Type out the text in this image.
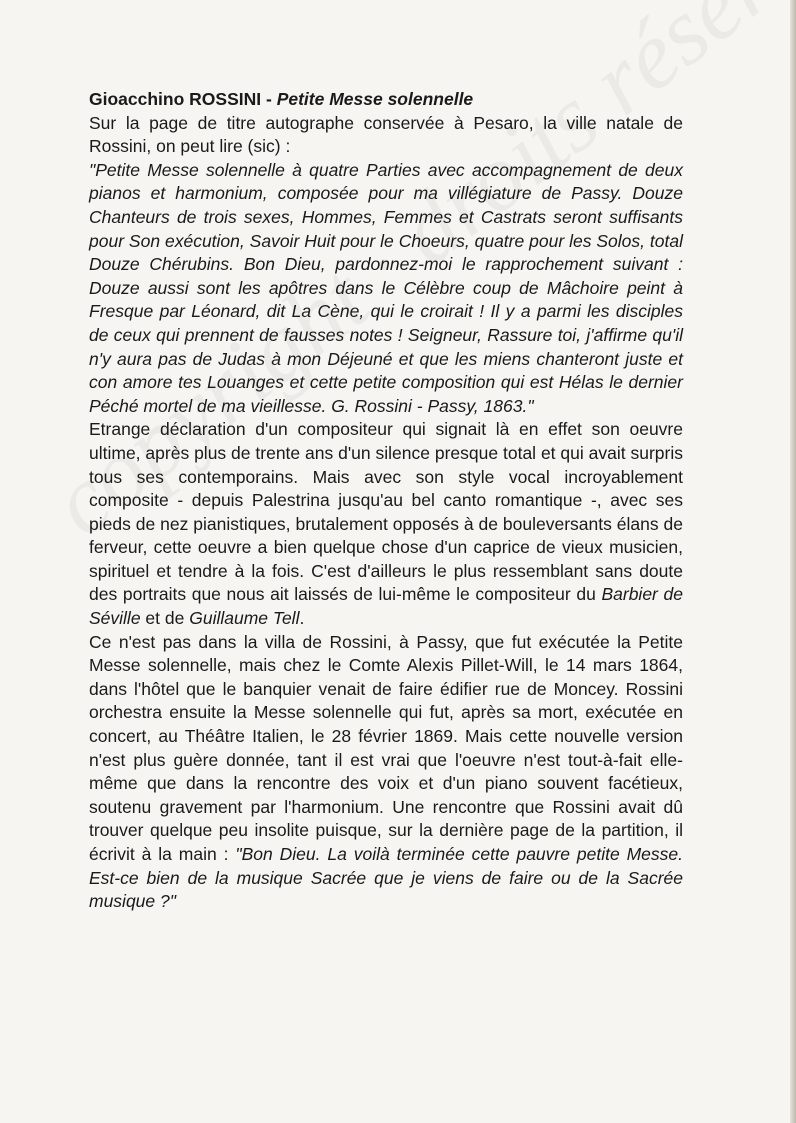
Gioacchino ROSSINI - Petite Messe solennelle

Sur la page de titre autographe conservée à Pesaro, la ville natale de Rossini, on peut lire (sic) :

"Petite Messe solennelle à quatre Parties avec accompagnement de deux pianos et harmonium, composée pour ma villégiature de Passy. Douze Chanteurs de trois sexes, Hommes, Femmes et Castrats seront suffisants pour Son exécution, Savoir Huit pour le Choeurs, quatre pour les Solos, total Douze Chérubins. Bon Dieu, pardonnez-moi le rapprochement suivant : Douze aussi sont les apôtres dans le Célèbre coup de Mâchoire peint à Fresque par Léonard, dit La Cène, qui le croirait ! Il y a parmi les disciples de ceux qui prennent de fausses notes ! Seigneur, Rassure toi, j'affirme qu'il n'y aura pas de Judas à mon Déjeuné et que les miens chanteront juste et con amore tes Louanges et cette petite composition qui est Hélas le dernier Péché mortel de ma vieillesse. G. Rossini - Passy, 1863."

Etrange déclaration d'un compositeur qui signait là en effet son oeuvre ultime, après plus de trente ans d'un silence presque total et qui avait surpris tous ses contemporains. Mais avec son style vocal incroyablement composite - depuis Palestrina jusqu'au bel canto romantique -, avec ses pieds de nez pianistiques, brutalement opposés à de bouleversants élans de ferveur, cette oeuvre a bien quelque chose d'un caprice de vieux musicien, spirituel et tendre à la fois. C'est d'ailleurs le plus ressemblant sans doute des portraits que nous ait laissés de lui-même le compositeur du Barbier de Séville et de Guillaume Tell.

Ce n'est pas dans la villa de Rossini, à Passy, que fut exécutée la Petite Messe solennelle, mais chez le Comte Alexis Pillet-Will, le 14 mars 1864, dans l'hôtel que le banquier venait de faire édifier rue de Moncey. Rossini orchestra ensuite la Messe solennelle qui fut, après sa mort, exécutée en concert, au Théâtre Italien, le 28 février 1869. Mais cette nouvelle version n'est plus guère donnée, tant il est vrai que l'oeuvre n'est tout-à-fait elle-même que dans la rencontre des voix et d'un piano souvent facétieux, soutenu gravement par l'harmonium. Une rencontre que Rossini avait dû trouver quelque peu insolite puisque, sur la dernière page de la partition, il écrivit à la main : "Bon Dieu. La voilà terminée cette pauvre petite Messe. Est-ce bien de la musique Sacrée que je viens de faire ou de la Sacrée musique ?"
